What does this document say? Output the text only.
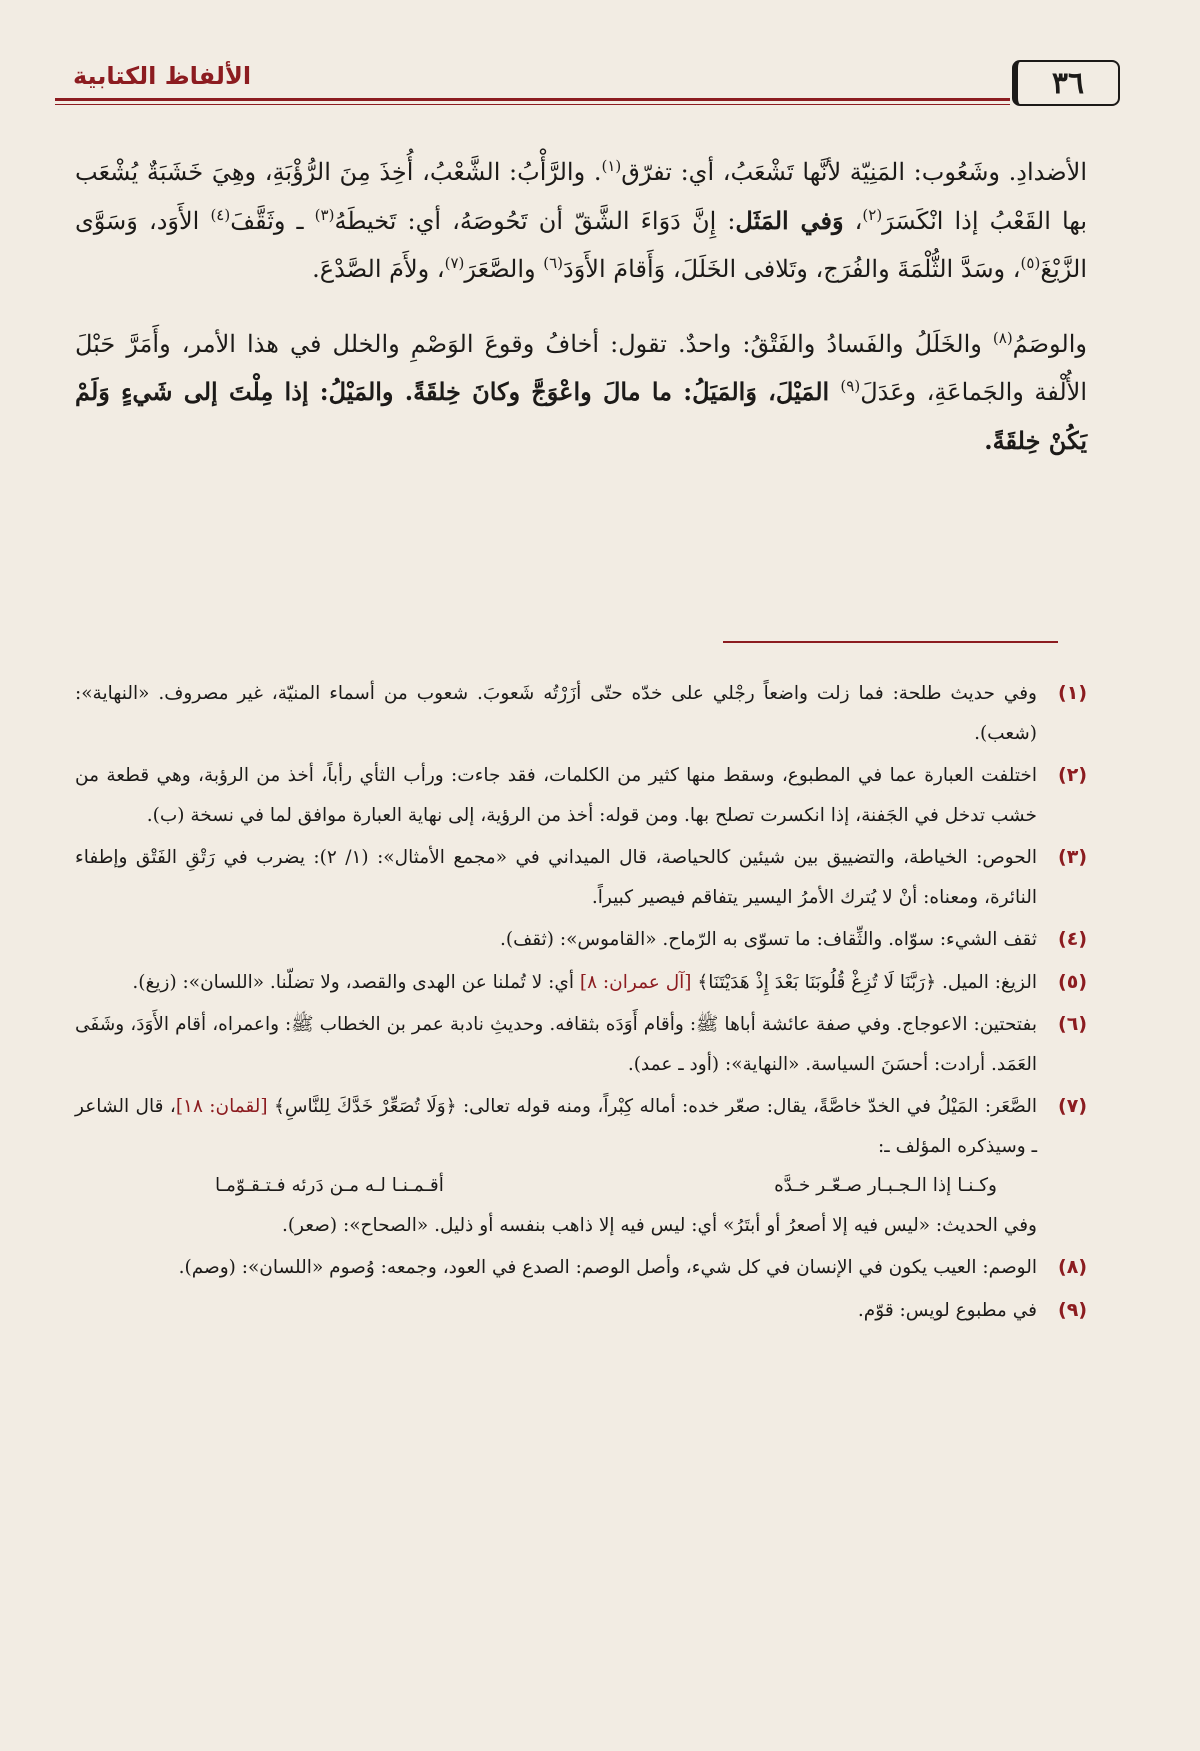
الألفاظ الكتابية	٣٦

الأضدادِ. وشَعُوب: المَنِيّة لأنَّها تَشْعَبُ، أي: تفرّق$^{(١)}$. والرَّأْبُ: الشَّعْبُ، أُخِذَ مِنَ الرُّؤْبَةِ، وهِيَ خَشَبَةٌ يُشْعَب بها القَعْبُ إذا انْكَسَرَ$^{(٢)}$، وَفي المَثَل: إِنَّ دَوَاءَ الشَّقّ أن تَحُوصَهُ، أي: تَخيطَهُ$^{(٣)}$ ـ وثَقَّفَ$^{(٤)}$ الأَوَد، وَسَوَّى الزَّيْغَ$^{(٥)}$، وسَدَّ الثُّلْمَةَ والفُرَج، وتَلافى الخَلَلَ، وَأَقامَ الأَوَدَ$^{(٦)}$ والصَّعَرَ$^{(٧)}$، ولأَمَ الصَّدْعَ.

والوصَمُ$^{(٨)}$ والخَلَلُ والفَسادُ والفَتْقُ: واحدٌ. تقول: أخافُ وقوعَ الوَصْمِ والخلل في هذا الأمر، وأَمَرَّ حَبْلَ الأُلْفة والجَماعَةِ، وعَدَلَ$^{(٩)}$ المَيْلَ، وَالمَيَلُ: ما مالَ واعْوَجَّ وكانَ خِلقَةً. والمَيْلُ: إذا مِلْتَ إلى شَيءٍ وَلَمْ يَكُنْ خِلقَةً.

(١)
وفي حديث طلحة: فما زلت واضعاً رجْلي على خدّه حتّى أزَرْتُه شَعوبَ. شعوب من أسماء المنيّة، غير مصروف. «النهاية»: (شعب).
(٢)
اختلفت العبارة عما في المطبوع، وسقط منها كثير من الكلمات، فقد جاءت: ورأب الثأي رأباً، أخذ من الرؤبة، وهي قطعة من خشب تدخل في الجَفنة، إذا انكسرت تصلح بها. ومن قوله: أخذ من الرؤية، إلى نهاية العبارة موافق لما في نسخة (ب).
(٣)
الحوص: الخياطة، والتضييق بين شيئين كالحياصة، قال الميداني في «مجمع الأمثال»: (١/ ٢): يضرب في رَتْقِ الفَتْق وإطفاء النائرة، ومعناه: أنْ لا يُترك الأمرُ اليسير يتفاقم فيصير كبيراً.
(٤)
ثقف الشيء: سوّاه. والثِّقاف: ما تسوّى به الرّماح. «القاموس»: (ثقف).
(٥)
الزيغ: الميل. ﴿رَبَّنَا لَا تُزِغْ قُلُوبَنَا بَعْدَ إِذْ هَدَيْتَنَا﴾ [آل عمران: ٨] أي: لا تُملنا عن الهدى والقصد، ولا تضلّنا. «اللسان»: (زيغ).
(٦)
بفتحتين: الاعوجاج. وفي صفة عائشة أباها ﷺ: وأقام أَوَدَه بثقافه. وحديثِ نادبة عمر بن الخطاب ﷺ: واعمراه، أقام الأَوَدَ، وشَفَى العَمَد. أرادت: أحسَنَ السياسة. «النهاية»: (أود ـ عمد).
(٧)
الصَّعَر: المَيْلُ في الخدّ خاصَّةً، يقال: صعّر خده: أماله كِبْراً، ومنه قوله تعالى: ﴿وَلَا تُصَعِّرْ خَدَّكَ لِلنَّاسِ﴾ [لقمان: ١٨]، قال الشاعر ـ وسيذكره المؤلف ـ:
وكـنـا إذا الـجـبـار صـعّـر خـدَّه
أقـمـنـا لـه مـن دَرئه فـتـقـوّمـا
وفي الحديث: «ليس فيه إلا أصعرُ أو أبتَرُ» أي: ليس فيه إلا ذاهب بنفسه أو ذليل. «الصحاح»: (صعر).
(٨)
الوصم: العيب يكون في الإنسان في كل شيء، وأصل الوصم: الصدع في العود، وجمعه: وُصوم «اللسان»: (وصم).
(٩)
في مطبوع لويس: قوّم.
